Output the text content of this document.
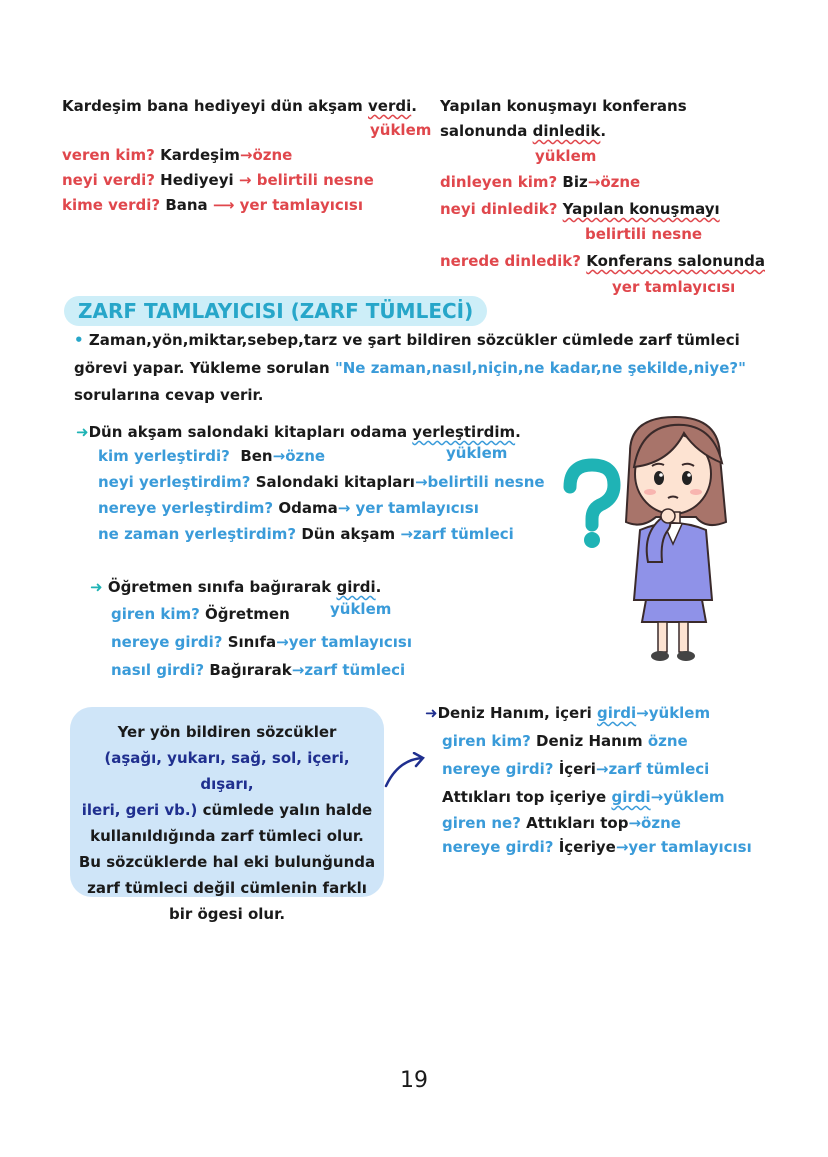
Kardeşim bana hediyeyi dün akşam verdi.
yüklem
veren kim? Kardeşim→özne
neyi verdi? Hediyeyi → belirtili nesne
kime verdi? Bana ⟶ yer tamlayıcısı
Yapılan konuşmayı konferans
salonunda dinledik.
yüklem
dinleyen kim? Biz→özne
neyi dinledik? Yapılan konuşmayı
belirtili nesne
nerede dinledik? Konferans salonunda
yer tamlayıcısı
ZARF TAMLAYICISI (ZARF TÜMLECİ)
• Zaman,yön,miktar,sebep,tarz ve şart bildiren sözcükler cümlede zarf tümleci
görevi yapar. Yükleme sorulan "Ne zaman,nasıl,niçin,ne kadar,ne şekilde,niye?"
sorularına cevap verir.
➜Dün akşam salondaki kitapları odama yerleştirdim.
yüklem
kim yerleştirdi? Ben→özne
neyi yerleştirdim? Salondaki kitapları→belirtili nesne
nereye yerleştirdim? Odama→ yer tamlayıcısı
ne zaman yerleştirdim? Dün akşam →zarf tümleci
➜ Öğretmen sınıfa bağırarak girdi.
yüklem
giren kim? Öğretmen
nereye girdi? Sınıfa→yer tamlayıcısı
nasıl girdi? Bağırarak→zarf tümleci
Yer yön bildiren sözcükler
(aşağı, yukarı, sağ, sol, içeri, dışarı,
ileri, geri vb.) cümlede yalın halde
kullanıldığında zarf tümleci olur.
Bu sözcüklerde hal eki bulunğunda
zarf tümleci değil cümlenin farklı
bir ögesi olur.
➜Deniz Hanım, içeri girdi→yüklem
giren kim? Deniz Hanım özne
nereye girdi? İçeri→zarf tümleci
Attıkları top içeriye girdi→yüklem
giren ne? Attıkları top→özne
nereye girdi? İçeriye→yer tamlayıcısı
19
